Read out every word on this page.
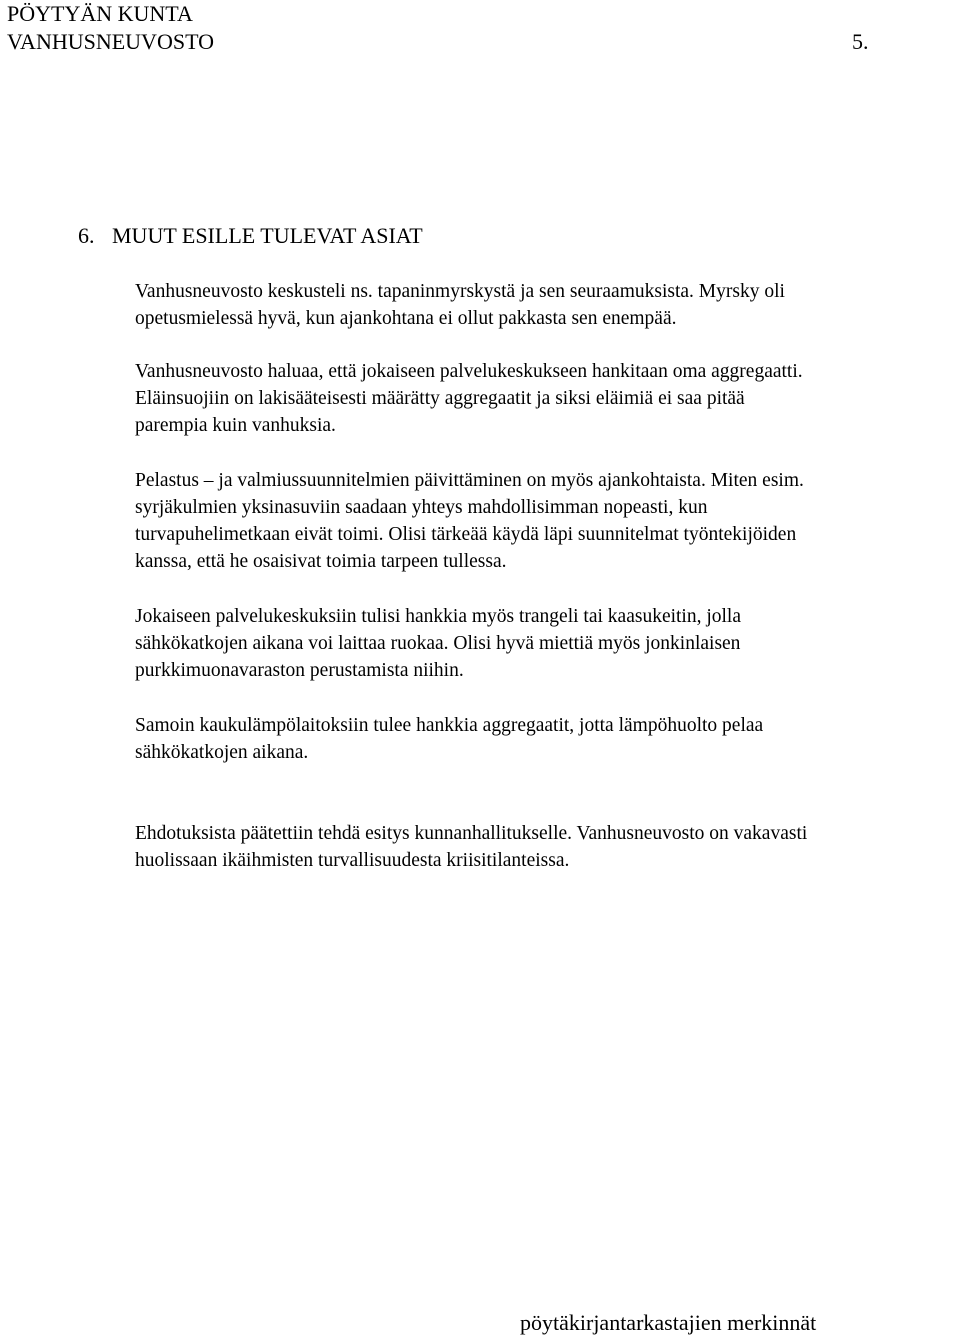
PÖYTYÄN KUNTA
VANHUSNEUVOSTO	5.
6. MUUT ESILLE TULEVAT ASIAT

Vanhusneuvosto keskusteli ns. tapaninmyrskystä ja sen seuraamuksista. Myrsky oli
opetusmielessä hyvä, kun ajankohtana ei ollut pakkasta sen enempää.

Vanhusneuvosto haluaa, että jokaiseen palvelukeskukseen hankitaan oma aggregaatti.
Eläinsuojiin on lakisääteisesti määrätty aggregaatit ja siksi eläimiä ei saa pitää
parempia kuin vanhuksia.

Pelastus – ja valmiussuunnitelmien päivittäminen on myös ajankohtaista. Miten esim.
syrjäkulmien yksinasuviin saadaan yhteys mahdollisimman nopeasti, kun
turvapuhelimetkaan eivät toimi. Olisi tärkeää käydä läpi suunnitelmat työntekijöiden
kanssa, että he osaisivat toimia tarpeen tullessa.

Jokaiseen palvelukeskuksiin tulisi hankkia myös trangeli tai kaasukeitin, jolla
sähkökatkojen aikana voi laittaa ruokaa. Olisi hyvä miettiä myös jonkinlaisen
purkkimuonavaraston perustamista niihin.

Samoin kaukulämpölaitoksiin tulee hankkia aggregaatit, jotta lämpöhuolto pelaa
sähkökatkojen aikana.

Ehdotuksista päätettiin tehdä esitys kunnanhallitukselle. Vanhusneuvosto on vakavasti
huolissaan ikäihmisten turvallisuudesta kriisitilanteissa.

pöytäkirjantarkastajien merkinnät
